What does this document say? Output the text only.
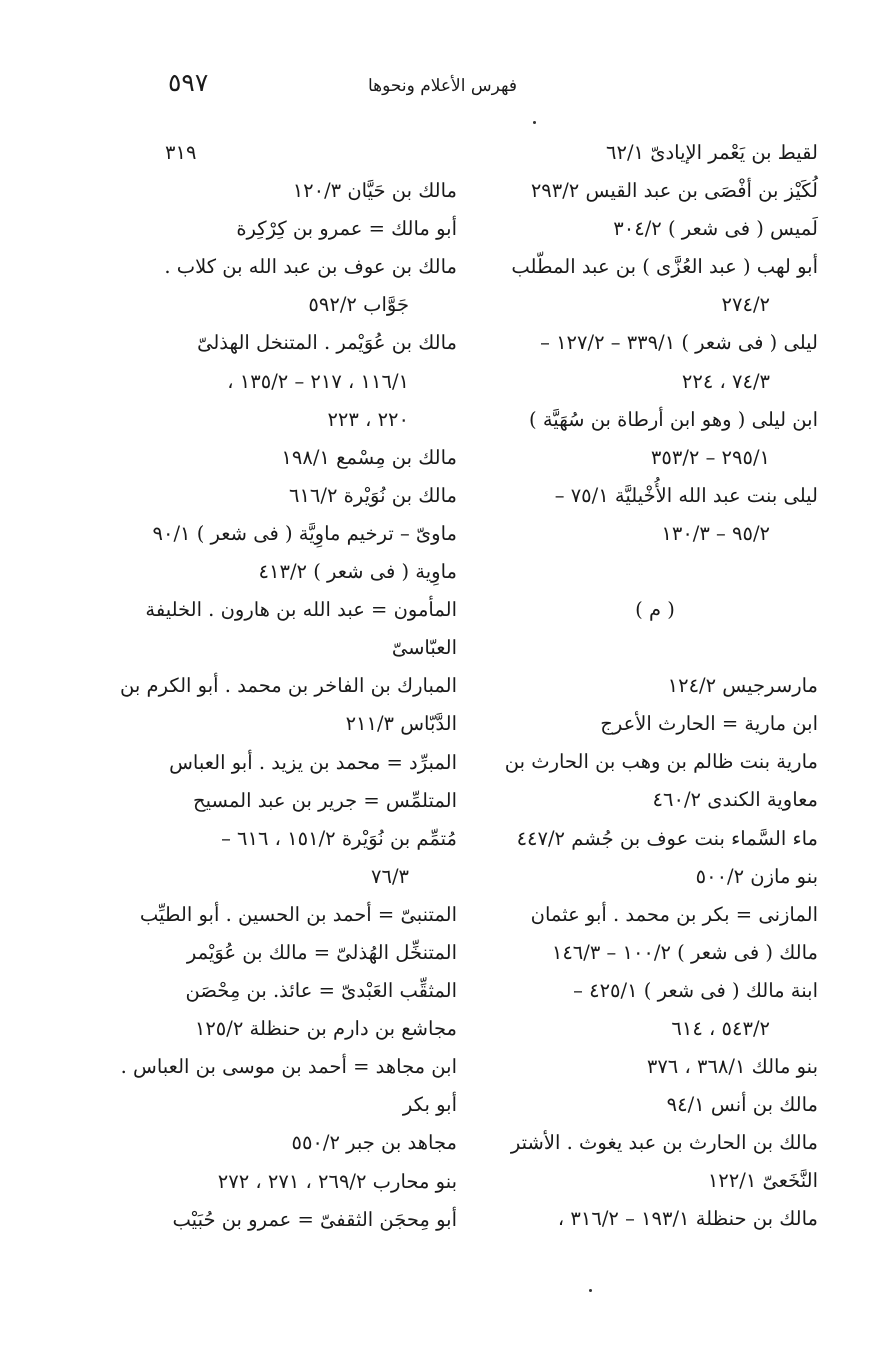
٥٩٧	فهرس الأعلام ونحوها
لقيط بن يَعْمر الإيادىّ ٦٢/١
لُكَيْز بن أفْصَى بن عبد القيس ٢٩٣/٢
لَميس ( فى شعر ) ٣٠٤/٢
أبو لهب ( عبد العُزَّى ) بن عبد المطّلب
٢٧٤/٢
ليلى ( فى شعر ) ٣٣٩/١ – ١٢٧/٢ –
٧٤/٣ ، ٢٢٤
ابن ليلى ( وهو ابن أرطاة بن سُهَيَّة )
٢٩٥/١ – ٣٥٣/٢
ليلى بنت عبد الله الأُخْيليَّة ٧٥/١ –
٩٥/٢ – ١٣٠/٣
( م )
مارسرجيس ١٢٤/٢
ابن مارية = الحارث الأعرج
مارية بنت ظالم بن وهب بن الحارث بن
معاوية الكندى ٤٦٠/٢
ماء السَّماء بنت عوف بن جُشم ٤٤٧/٢
بنو مازن ٥٠٠/٢
المازنى = بكر بن محمد . أبو عثمان
مالك ( فى شعر ) ١٠٠/٢ – ١٤٦/٣
ابنة مالك ( فى شعر ) ٤٢٥/١ –
٥٤٣/٢ ، ٦١٤
بنو مالك ٣٦٨/١ ، ٣٧٦
مالك بن أنس ٩٤/١
مالك بن الحارث بن عبد يغوث . الأشتر
النَّخَعىّ ١٢٢/١
مالك بن حنظلة ١٩٣/١ – ٣١٦/٢ ،
٣١٩
مالك بن حَيَّان ١٢٠/٣
أبو مالك = عمرو بن كِرْكِرة
مالك بن عوف بن عبد الله بن كلاب .
جَوَّاب ٥٩٢/٢
مالك بن عُوَيْمر . المتنخل الهذلىّ
١١٦/١ ، ٢١٧ – ١٣٥/٢ ،
٢٢٠ ، ٢٢٣
مالك بن مِسْمع ١٩٨/١
مالك بن نُوَيْرة ٦١٦/٢
ماوىّ – ترخيم ماوِيَّة ( فى شعر ) ٩٠/١
ماوِية ( فى شعر ) ٤١٣/٢
المأمون = عبد الله بن هارون . الخليفة
العبّاسىّ
المبارك بن الفاخر بن محمد . أبو الكرم بن
الدَّبّاس ٢١١/٣
المبرِّد = محمد بن يزيد . أبو العباس
المتلمِّس = جرير بن عبد المسيح
مُتمِّم بن نُوَيْرة ١٥١/٢ ، ٦١٦ –
٧٦/٣
المتنبىّ = أحمد بن الحسين . أبو الطيِّب
المتنخِّل الهُذلىّ = مالك بن عُوَيْمر
المثقِّب العَبْدىّ = عائذ. بن مِحْصَن
مجاشع بن دارم بن حنظلة ١٢٥/٢
ابن مجاهد = أحمد بن موسى بن العباس .
أبو بكر
مجاهد بن جبر ٥٥٠/٢
بنو محارب ٢٦٩/٢ ، ٢٧١ ، ٢٧٢
أبو مِحجَن الثقفىّ = عمرو بن حُبَيْب
